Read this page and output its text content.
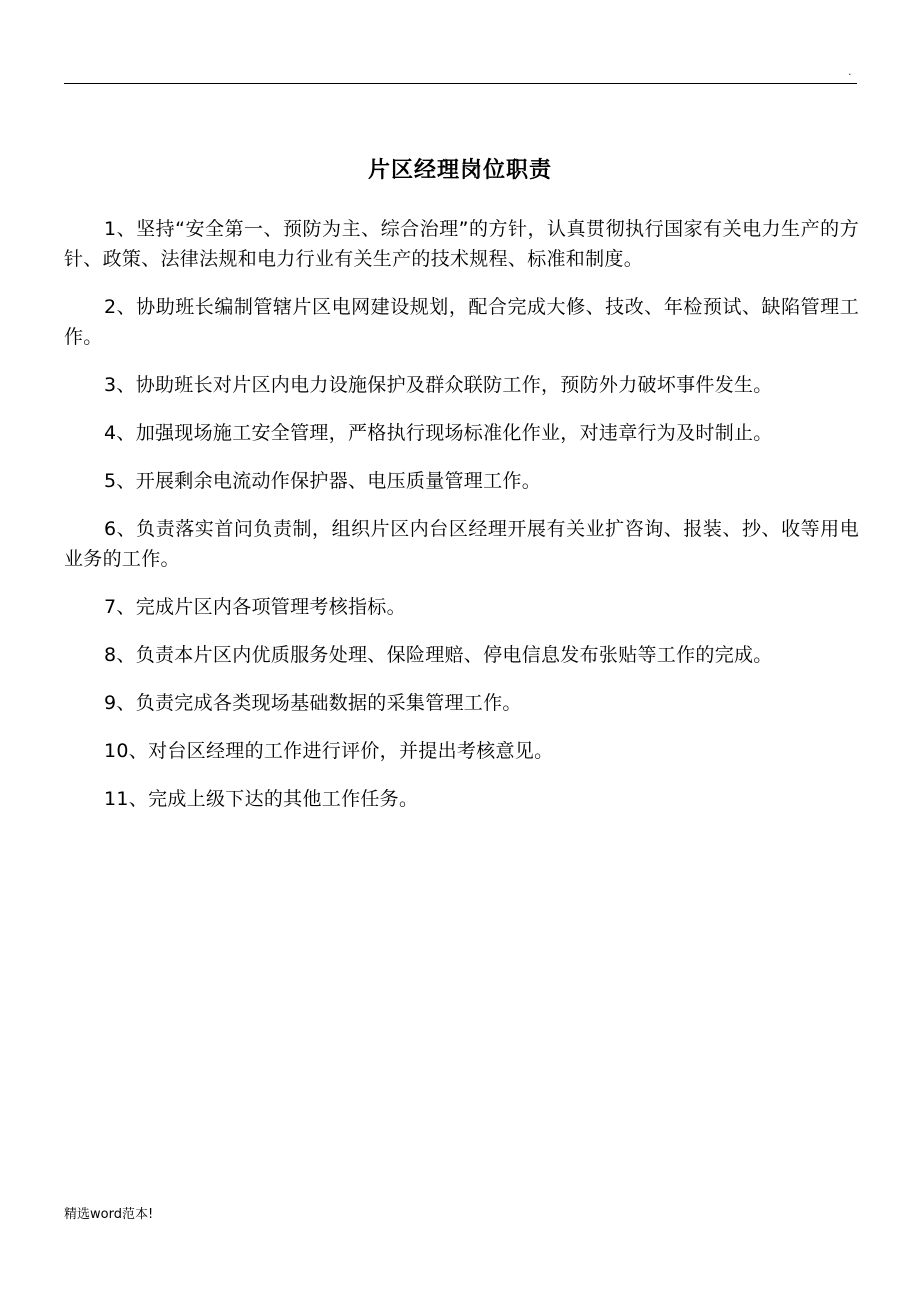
.
片区经理岗位职责

1、坚持“安全第一、预防为主、综合治理”的方针，认真贯彻执行国家有关电力生产的方针、政策、法律法规和电力行业有关生产的技术规程、标准和制度。

2、协助班长编制管辖片区电网建设规划，配合完成大修、技改、年检预试、缺陷管理工作。

3、协助班长对片区内电力设施保护及群众联防工作，预防外力破坏事件发生。

4、加强现场施工安全管理，严格执行现场标准化作业，对违章行为及时制止。

5、开展剩余电流动作保护器、电压质量管理工作。

6、负责落实首问负责制，组织片区内台区经理开展有关业扩咨询、报装、抄、收等用电业务的工作。

7、完成片区内各项管理考核指标。

8、负责本片区内优质服务处理、保险理赔、停电信息发布张贴等工作的完成。

9、负责完成各类现场基础数据的采集管理工作。

10、对台区经理的工作进行评价，并提出考核意见。

11、完成上级下达的其他工作任务。

精选word范本!
